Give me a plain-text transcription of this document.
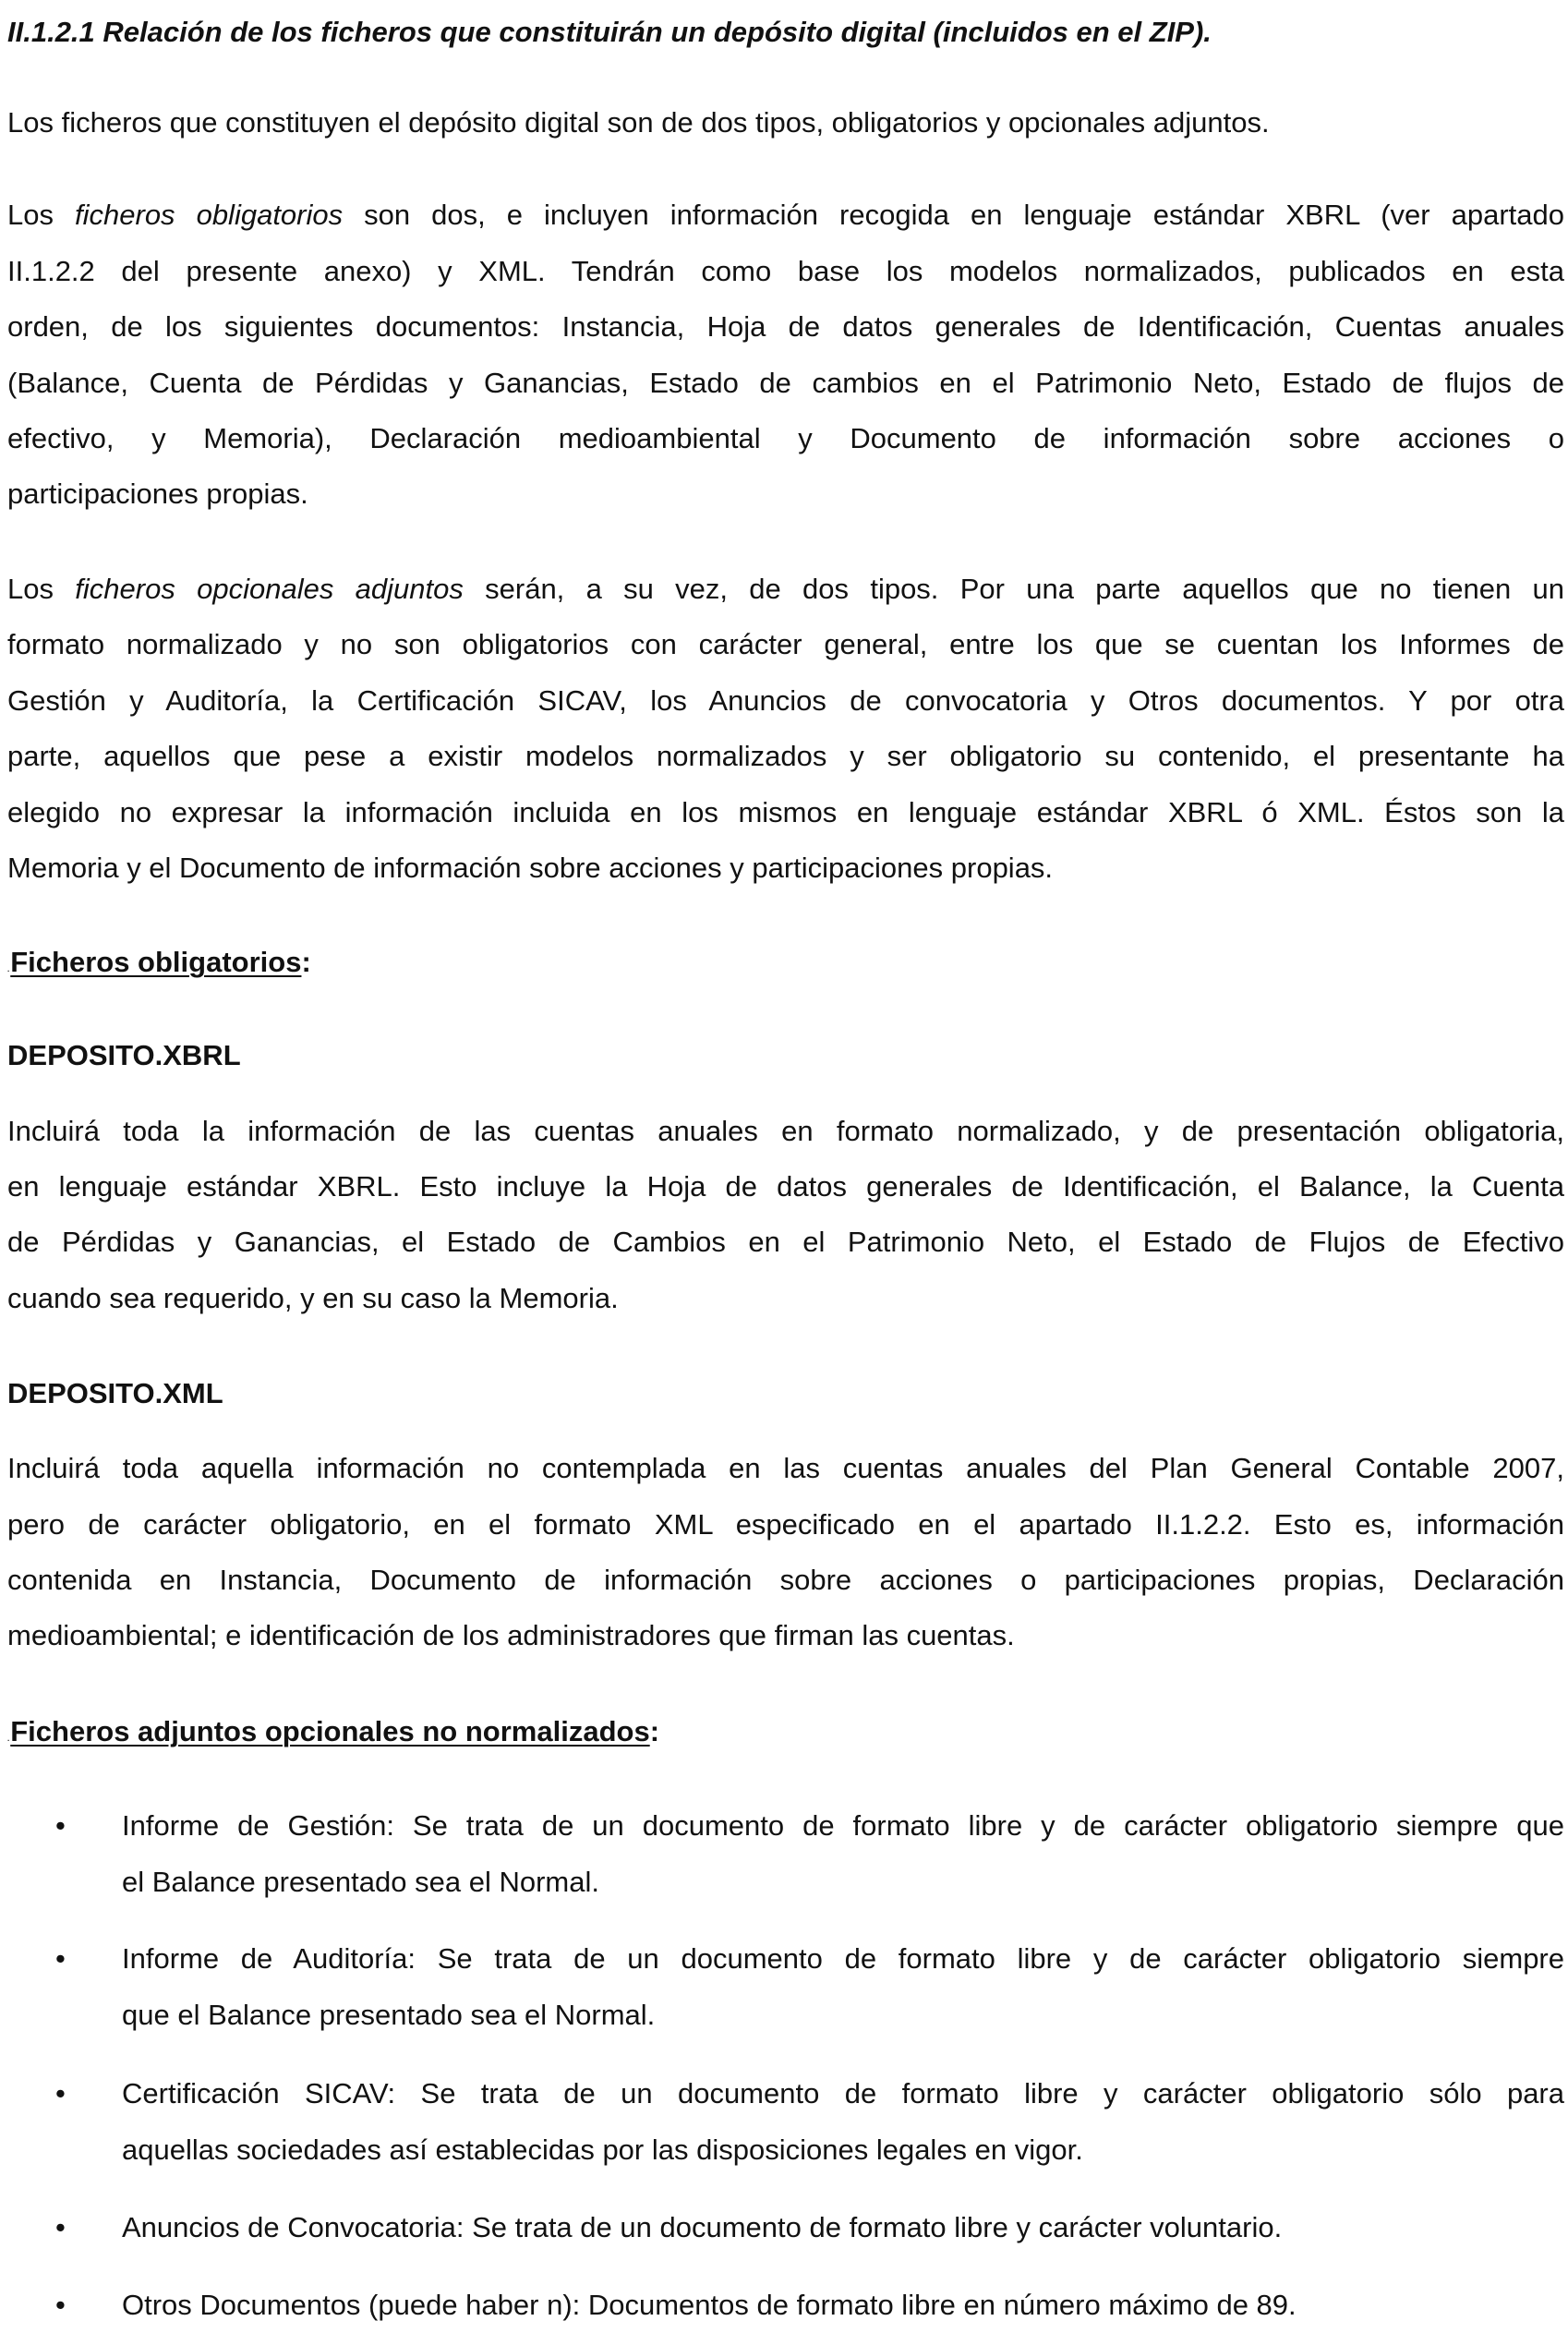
II.1.2.1 Relación de los ficheros que constituirán un depósito digital (incluidos en el ZIP).

Los ficheros que constituyen el depósito digital son de dos tipos, obligatorios y opcionales adjuntos.

Los ficheros obligatorios son dos, e incluyen información recogida en lenguaje estándar XBRL (ver apartado

II.1.2.2 del presente anexo) y XML. Tendrán como base los modelos normalizados, publicados en esta

orden, de los siguientes documentos: Instancia, Hoja de datos generales de Identificación, Cuentas anuales

(Balance, Cuenta de Pérdidas y Ganancias, Estado de cambios en el Patrimonio Neto, Estado de flujos de

efectivo, y Memoria), Declaración medioambiental y Documento de información sobre acciones o

participaciones propias.

Los ficheros opcionales adjuntos serán, a su vez, de dos tipos. Por una parte aquellos que no tienen un

formato normalizado y no son obligatorios con carácter general, entre los que se cuentan los Informes de

Gestión y Auditoría, la Certificación SICAV, los Anuncios de convocatoria y Otros documentos. Y por otra

parte, aquellos que pese a existir modelos normalizados y ser obligatorio su contenido, el presentante ha

elegido no expresar la información incluida en los mismos en lenguaje estándar XBRL ó XML. Éstos son la

Memoria y el Documento de información sobre acciones y participaciones propias.

.Ficheros obligatorios:

DEPOSITO.XBRL

Incluirá toda la información de las cuentas anuales en formato normalizado, y de presentación obligatoria,

en lenguaje estándar XBRL. Esto incluye la Hoja de datos generales de Identificación, el Balance, la Cuenta

de Pérdidas y Ganancias, el Estado de Cambios en el Patrimonio Neto, el Estado de Flujos de Efectivo

cuando sea requerido, y en su caso la Memoria.

DEPOSITO.XML

Incluirá toda aquella información no contemplada en las cuentas anuales del Plan General Contable 2007,

pero de carácter obligatorio, en el formato XML especificado en el apartado II.1.2.2. Esto es, información

contenida en Instancia, Documento de información sobre acciones o participaciones propias, Declaración

medioambiental; e identificación de los administradores que firman las cuentas.

.Ficheros adjuntos opcionales no normalizados:

• Informe de Gestión: Se trata de un documento de formato libre y de carácter obligatorio siempre que

el Balance presentado sea el Normal.

• Informe de Auditoría: Se trata de un documento de formato libre y de carácter obligatorio siempre

que el Balance presentado sea el Normal.

• Certificación SICAV: Se trata de un documento de formato libre y carácter obligatorio sólo para

aquellas sociedades así establecidas por las disposiciones legales en vigor.

• Anuncios de Convocatoria: Se trata de un documento de formato libre y carácter voluntario.

• Otros Documentos (puede haber n): Documentos de formato libre en número máximo de 89.
